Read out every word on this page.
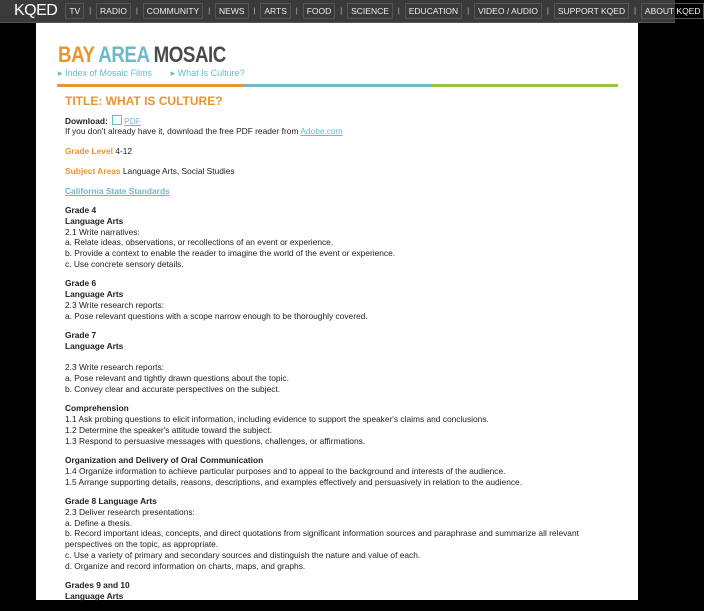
KQED	TV	|	RADIO	|	COMMUNITY	|	NEWS	|	ARTS	|	FOOD	|	SCIENCE	|	EDUCATION	|	VIDEO / AUDIO	|	SUPPORT KQED	|	ABOUT KQED
BAY AREA MOSAIC
▸ Index of Mosaic Films ▸ What Is Culture?
TITLE: WHAT IS CULTURE?
Download: PDF
If you don't already have it, download the free PDF reader from Adobe.com
Grade Level 4-12
Subject Areas Language Arts, Social Studies
California State Standards
Grade 4
Language Arts
2.1 Write narratives:
a. Relate ideas, observations, or recollections of an event or experience.
b. Provide a context to enable the reader to imagine the world of the event or experience.
c. Use concrete sensory details.
Grade 6
Language Arts
2.3 Write research reports:
a. Pose relevant questions with a scope narrow enough to be thoroughly covered.
Grade 7
Language Arts
2.3 Write research reports:
a. Pose relevant and tightly drawn questions about the topic.
b. Convey clear and accurate perspectives on the subject.
Comprehension
1.1 Ask probing questions to elicit information, including evidence to support the speaker's claims and conclusions.
1.2 Determine the speaker's attitude toward the subject.
1.3 Respond to persuasive messages with questions, challenges, or affirmations.
Organization and Delivery of Oral Communication
1.4 Organize information to achieve particular purposes and to appeal to the background and interests of the audience.
1.5 Arrange supporting details, reasons, descriptions, and examples effectively and persuasively in relation to the audience.
Grade 8 Language Arts
2.3 Deliver research presentations:
a. Define a thesis.
b. Record important ideas, concepts, and direct quotations from significant information sources and paraphrase and summarize all relevant perspectives on the topic, as appropriate.
c. Use a variety of primary and secondary sources and distinguish the nature and value of each.
d. Organize and record information on charts, maps, and graphs.
Grades 9 and 10
Language Arts
